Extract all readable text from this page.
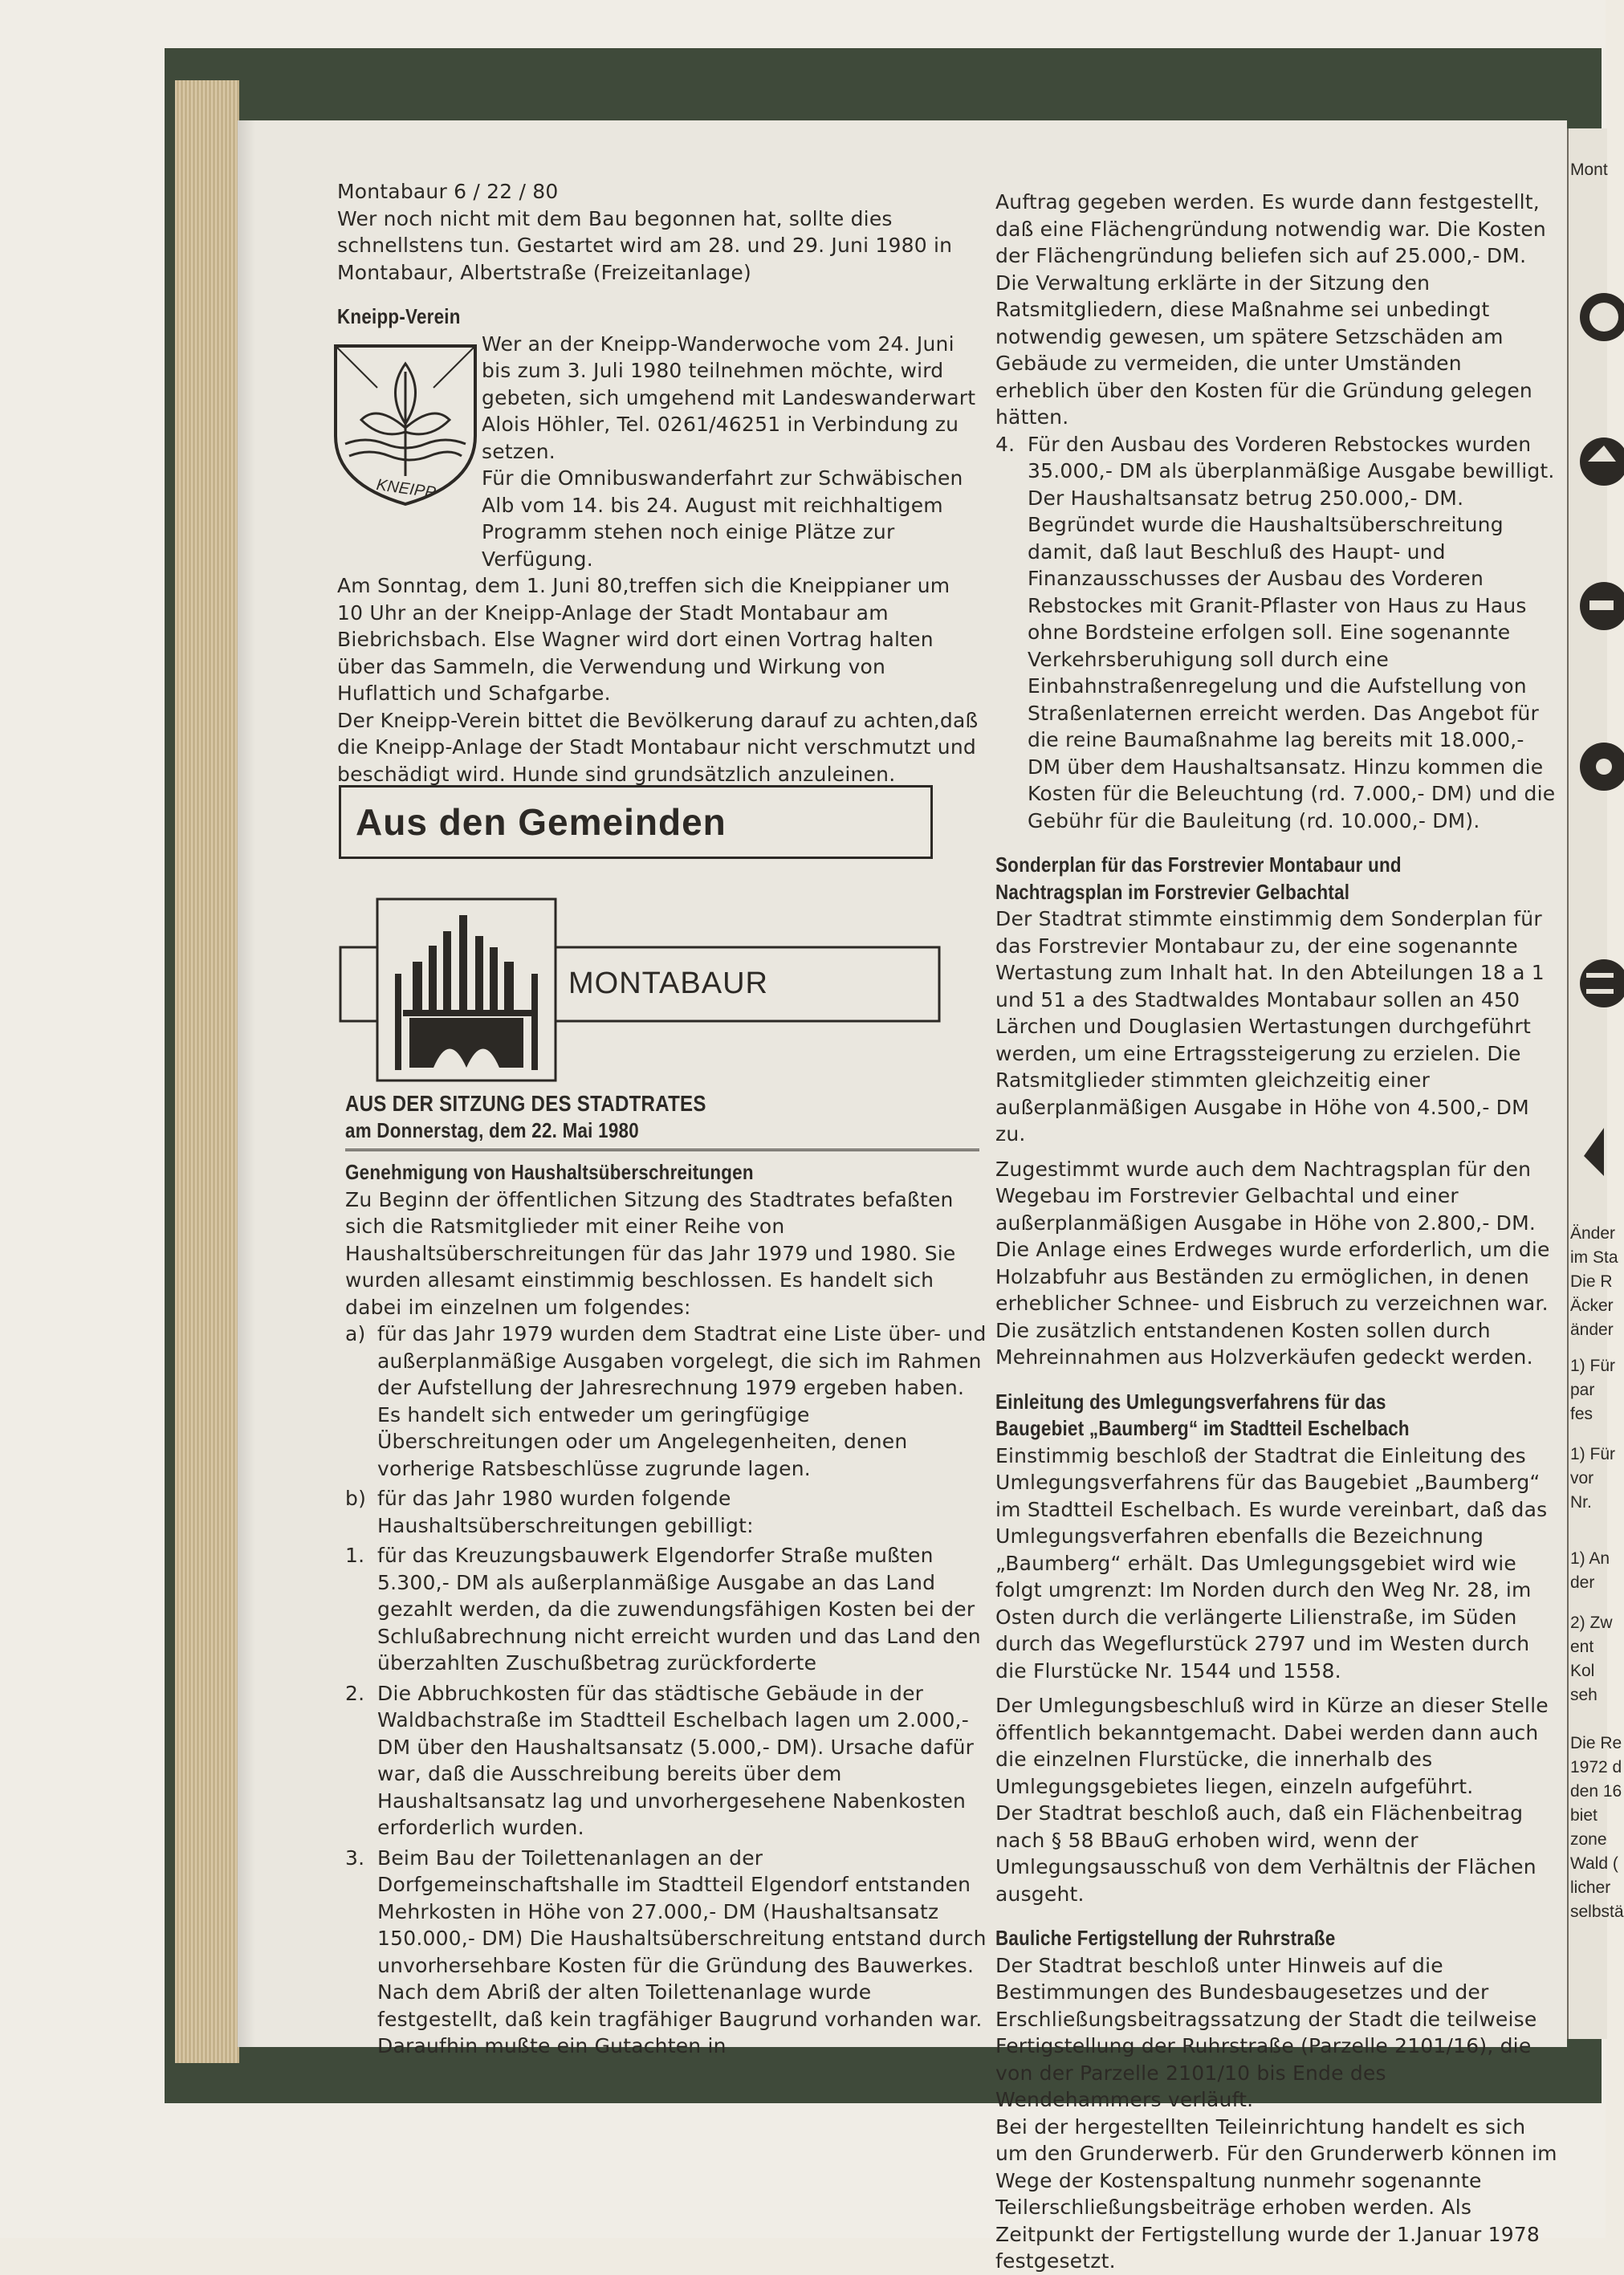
Montabaur 6 / 22 / 80

Wer noch nicht mit dem Bau begonnen hat, sollte dies schnellstens tun. Gestartet wird am 28. und 29. Juni 1980 in Montabaur, Albertstraße (Freizeitanlage)

Kneipp-Verein

KNEIPP

Wer an der Kneipp-Wanderwoche vom 24. Juni bis zum 3. Juli 1980 teilnehmen möchte, wird gebeten, sich umgehend mit Landeswanderwart Alois Höhler, Tel. 0261/46251 in Verbindung zu setzen.

Für die Omnibuswanderfahrt zur Schwäbischen Alb vom 14. bis 24. August mit reichhaltigem Programm stehen noch einige Plätze zur Verfügung.

Am Sonntag, dem 1. Juni 80,treffen sich die Kneippianer um 10 Uhr an der Kneipp-Anlage der Stadt Montabaur am Biebrichsbach. Else Wagner wird dort einen Vortrag halten über das Sammeln, die Verwendung und Wirkung von Huflattich und Schafgarbe.

Der Kneipp-Verein bittet die Bevölkerung darauf zu achten,daß die Kneipp-Anlage der Stadt Montabaur nicht verschmutzt und beschädigt wird. Hunde sind grundsätzlich anzuleinen.

Aus den Gemeinden
MONTABAUR

AUS DER SITZUNG DES STADTRATES

am Donnerstag, dem 22. Mai 1980

Genehmigung von Haushaltsüberschreitungen

Zu Beginn der öffentlichen Sitzung des Stadtrates befaßten sich die Ratsmitglieder mit einer Reihe von Haushaltsüberschreitungen für das Jahr 1979 und 1980. Sie wurden allesamt einstimmig beschlossen. Es handelt sich dabei im einzelnen um folgendes:

a) für das Jahr 1979 wurden dem Stadtrat eine Liste über- und außerplanmäßige Ausgaben vorgelegt, die sich im Rahmen der Aufstellung der Jahresrechnung 1979 ergeben haben. Es handelt sich entweder um geringfügige Überschreitungen oder um Angelegenheiten, denen vorherige Ratsbeschlüsse zugrunde lagen.
b) für das Jahr 1980 wurden folgende Haushaltsüberschreitungen gebilligt:
1. für das Kreuzungsbauwerk Elgendorfer Straße mußten 5.300,- DM als außerplanmäßige Ausgabe an das Land gezahlt werden, da die zuwendungsfähigen Kosten bei der Schlußabrechnung nicht erreicht wurden und das Land den überzahlten Zuschußbetrag zurückforderte
2. Die Abbruchkosten für das städtische Gebäude in der Waldbachstraße im Stadtteil Eschelbach lagen um 2.000,- DM über den Haushaltsansatz (5.000,- DM). Ursache dafür war, daß die Ausschreibung bereits über dem Haushaltsansatz lag und unvorhergesehene Nabenkosten erforderlich wurden.
3. Beim Bau der Toilettenanlagen an der Dorfgemeinschaftshalle im Stadtteil Elgendorf entstanden Mehrkosten in Höhe von 27.000,- DM (Haushaltsansatz 150.000,- DM) Die Haushaltsüberschreitung entstand durch unvorhersehbare Kosten für die Gründung des Bauwerkes. Nach dem Abriß der alten Toilettenanlage wurde festgestellt, daß kein tragfähiger Baugrund vorhanden war. Daraufhin mußte ein Gutachten in

Auftrag gegeben werden. Es wurde dann festgestellt, daß eine Flächengründung notwendig war. Die Kosten der Flächengründung beliefen sich auf 25.000,- DM. Die Verwaltung erklärte in der Sitzung den Ratsmitgliedern, diese Maßnahme sei unbedingt notwendig gewesen, um spätere Setzschäden am Gebäude zu vermeiden, die unter Umständen erheblich über den Kosten für die Gründung gelegen hätten.

4. Für den Ausbau des Vorderen Rebstockes wurden 35.000,- DM als überplanmäßige Ausgabe bewilligt. Der Haushaltsansatz betrug 250.000,- DM. Begründet wurde die Haushaltsüberschreitung damit, daß laut Beschluß des Haupt- und Finanzausschusses der Ausbau des Vorderen Rebstockes mit Granit-Pflaster von Haus zu Haus ohne Bordsteine erfolgen soll. Eine sogenannte Verkehrsberuhigung soll durch eine Einbahnstraßenregelung und die Aufstellung von Straßenlaternen erreicht werden. Das Angebot für die reine Baumaßnahme lag bereits mit 18.000,- DM über dem Haushaltsansatz. Hinzu kommen die Kosten für die Beleuchtung (rd. 7.000,- DM) und die Gebühr für die Bauleitung (rd. 10.000,- DM).

Sonderplan für das Forstrevier Montabaur und Nachtragsplan im Forstrevier Gelbachtal

Der Stadtrat stimmte einstimmig dem Sonderplan für das Forstrevier Montabaur zu, der eine sogenannte Wertastung zum Inhalt hat. In den Abteilungen 18 a 1 und 51 a des Stadtwaldes Montabaur sollen an 450 Lärchen und Douglasien Wertastungen durchgeführt werden, um eine Ertragssteigerung zu erzielen. Die Ratsmitglieder stimmten gleichzeitig einer außerplanmäßigen Ausgabe in Höhe von 4.500,- DM zu.

Zugestimmt wurde auch dem Nachtragsplan für den Wegebau im Forstrevier Gelbachtal und einer außerplanmäßigen Ausgabe in Höhe von 2.800,- DM.

Die Anlage eines Erdweges wurde erforderlich, um die Holzabfuhr aus Beständen zu ermöglichen, in denen erheblicher Schnee- und Eisbruch zu verzeichnen war. Die zusätzlich entstandenen Kosten sollen durch Mehreinnahmen aus Holzverkäufen gedeckt werden.

Einleitung des Umlegungsverfahrens für das Baugebiet „Baumberg“ im Stadtteil Eschelbach

Einstimmig beschloß der Stadtrat die Einleitung des Umlegungsverfahrens für das Baugebiet „Baumberg“ im Stadtteil Eschelbach. Es wurde vereinbart, daß das Umlegungsverfahren ebenfalls die Bezeichnung „Baumberg“ erhält. Das Umlegungsgebiet wird wie folgt umgrenzt: Im Norden durch den Weg Nr. 28, im Osten durch die verlängerte Lilienstraße, im Süden durch das Wegeflurstück 2797 und im Westen durch die Flurstücke Nr. 1544 und 1558.

Der Umlegungsbeschluß wird in Kürze an dieser Stelle öffentlich bekanntgemacht. Dabei werden dann auch die einzelnen Flurstücke, die innerhalb des Umlegungsgebietes liegen, einzeln aufgeführt.

Der Stadtrat beschloß auch, daß ein Flächenbeitrag nach § 58 BBauG erhoben wird, wenn der Umlegungsausschuß von dem Verhältnis der Flächen ausgeht.

Bauliche Fertigstellung der Ruhrstraße

Der Stadtrat beschloß unter Hinweis auf die Bestimmungen des Bundesbaugesetzes und der Erschließungsbeitragssatzung der Stadt die teilweise Fertigstellung der Ruhrstraße (Parzelle 2101/16), die von der Parzelle 2101/10 bis Ende des Wendehammers verläuft.

Bei der hergestellten Teileinrichtung handelt es sich um den Grunderwerb. Für den Grunderwerb können im Wege der Kostenspaltung nunmehr sogenannte Teilerschließungsbeiträge erhoben werden. Als Zeitpunkt der Fertigstellung wurde der 1.Januar 1978 festgesetzt.

Mont
Änder
im Sta
Die R
Äcker
änder
1) Für
par
fes
1) Für
vor
Nr.
1) An
der
2) Zw
ent
Kol
seh
Die Re
1972 d
den 16
biet
zone
Wald (
licher
selbstä
